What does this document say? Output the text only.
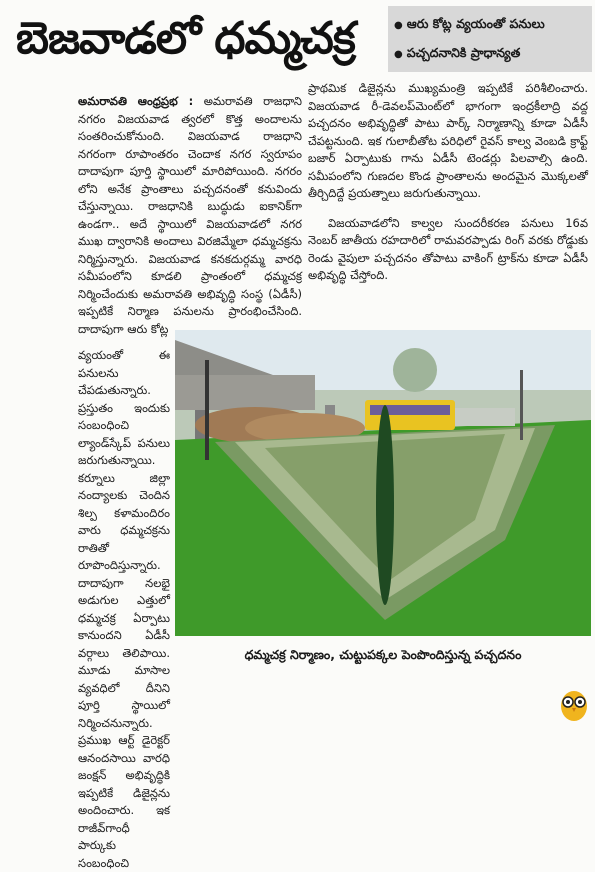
బెజవాడలో ధమ్మచక్ర
●	ఆరు కోట్ల వ్యయంతో పనులు
● పచ్చదనానికి ప్రాధాన్యత

అమరావతి ఆంధ్రప్రభ : అమరావతి రాజధాని నగరం విజయవాడ త్వరలో కొత్త అందాలను సంతరించుకోనుంది. విజయవాడ రాజధాని నగరంగా రూపాంతరం చెందాక నగర స్వరూపం దాదాపుగా పూర్తి స్థాయిలో మారిపోయింది. నగరం లోని అనేక ప్రాంతాలు పచ్చదనంతో కనువిందు చేస్తున్నాయి. రాజధానికి బుద్ధుడు ఐకానిక్‌గా ఉండగా.. అదే స్థాయిలో విజయవాడలో నగర ముఖ ద్వారానికి అందాలు విరజిమ్మేలా ధమ్మచక్రను నిర్మిస్తున్నారు. విజయవాడ కనకదుర్గమ్మ వారధి సమీపంలోని కూడలి ప్రాంతంలో ధమ్మచక్ర నిర్మించేందుకు అమరావతి అభివృద్ధి సంస్థ (ఏడీసీ) ఇప్పటికే నిర్మాణ పనులను ప్రారంభించేసింది. దాదాపుగా ఆరు కోట్ల

వ్యయంతో ఈ పనులను చేపడుతున్నారు. ప్రస్తుతం ఇందుకు సంబంధించి ల్యాండ్‌స్కేప్ పనులు జరుగుతున్నాయి. కర్నూలు జిల్లా నంద్యాలకు చెందిన శిల్ప కళామందిరం వారు ధమ్మచక్రను రాతితో రూపొందిస్తున్నారు. దాదాపుగా నలభై అడుగుల ఎత్తులో ధమ్మచక్ర ఏర్పాటు కానుందని ఏడీసీ వర్గాలు తెలిపాయి. మూడు మాసాల వ్యవధిలో దీనిని పూర్తి స్థాయిలో నిర్మించనున్నారు. ప్రముఖ ఆర్ట్ డైరెక్టర్ ఆనందసాయి వారధి జంక్షన్ అభివృద్ధికి ఇప్పటికే డిజైన్లను అందించారు. ఇక రాజీవ్‌గాంధీ పార్కుకు సంబంధించి

ప్రాథమిక డిజైన్లను ముఖ్యమంత్రి ఇప్పటికే పరిశీలించారు. విజయవాడ రీ-డెవలప్‌మెంట్‌లో భాగంగా ఇంద్రకీలాద్రి వద్ద పచ్చదనం అభివృద్ధితో పాటు పార్క్ నిర్మాణాన్ని కూడా ఏడీసీ చేపట్టనుంది. ఇక గులాబీతోట పరిధిలో రైవస్ కాల్వ వెంబడి క్రాఫ్ట్ బజార్ ఏర్పాటుకు గాను ఏడీసీ టెండర్లు పిలవాల్సి ఉంది. సమీపంలోని గుణదల కొండ ప్రాంతాలను అందమైన మొక్కలతో తీర్చిదిద్దే ప్రయత్నాలు జరుగుతున్నాయి.

విజయవాడలోని కాల్వల సుందరీకరణ పనులు 16వ నెంబర్ జాతీయ రహదారిలో రామవరప్పాడు రింగ్ వరకు రోడ్డుకు రెండు వైపులా పచ్చదనం తోపాటు వాకింగ్ ట్రాక్‌ను కూడా ఏడీసీ అభివృద్ధి చేస్తోంది.

ధమ్మచక్ర నిర్మాణం, చుట్టుపక్కల పెంపొందిస్తున్న పచ్చదనం
